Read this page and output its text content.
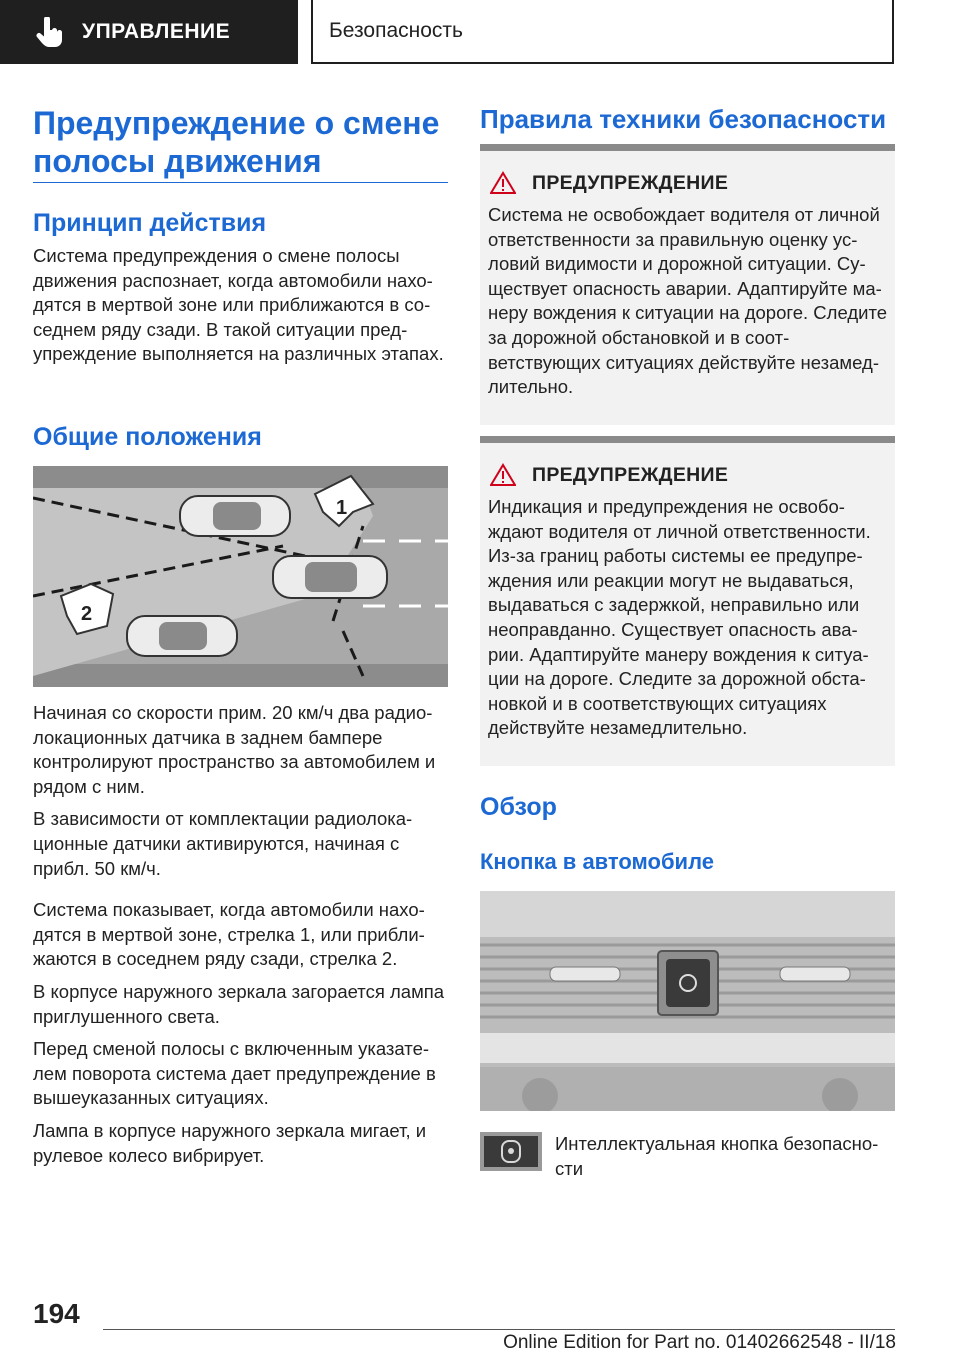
УПРАВЛЕНИЕ	Безопасность
Предупреждение о смене полосы движения
Принцип действия

Система предупреждения о смене полосы движения распознает, когда автомобили нахо-дятся в мертвой зоне или приближаются в со-седнем ряду сзади. В такой ситуации пред-упреждение выполняется на различных этапах.

Общие положения
1
2

Начиная со скорости прим. 20 км/ч два радио-локационных датчика в заднем бампере контролируют пространство за автомобилем и рядом с ним.

В зависимости от комплектации радиолока-ционные датчики активируются, начиная с прибл. 50 км/ч.

Система показывает, когда автомобили нахо-дятся в мертвой зоне, стрелка 1, или прибли-жаются в соседнем ряду сзади, стрелка 2.

В корпусе наружного зеркала загорается лампа приглушенного света.

Перед сменой полосы с включенным указате-лем поворота система дает предупреждение в вышеуказанных ситуациях.

Лампа в корпусе наружного зеркала мигает, и рулевое колесо вибрирует.

Правила техники безопасности
ПРЕДУПРЕЖДЕНИЕ
Система не освобождает водителя от личной ответственности за правильную оценку ус-ловий видимости и дорожной ситуации. Су-ществует опасность аварии. Адаптируйте ма-неру вождения к ситуации на дороге. Следите за дорожной обстановкой и в соот-ветствующих ситуациях действуйте незамед-лительно.
ПРЕДУПРЕЖДЕНИЕ
Индикация и предупреждения не освобо-ждают водителя от личной ответственности. Из-за границ работы системы ее предупре-ждения или реакции могут не выдаваться, выдаваться с задержкой, неправильно или неоправданно. Существует опасность ава-рии. Адаптируйте манеру вождения к ситуа-ции на дороге. Следите за дорожной обста-новкой и в соответствующих ситуациях действуйте незамедлительно.
Обзор
Кнопка в автомобиле

Интеллектуальная кнопка безопасно-сти

194
Online Edition for Part no. 01402662548 - II/18
